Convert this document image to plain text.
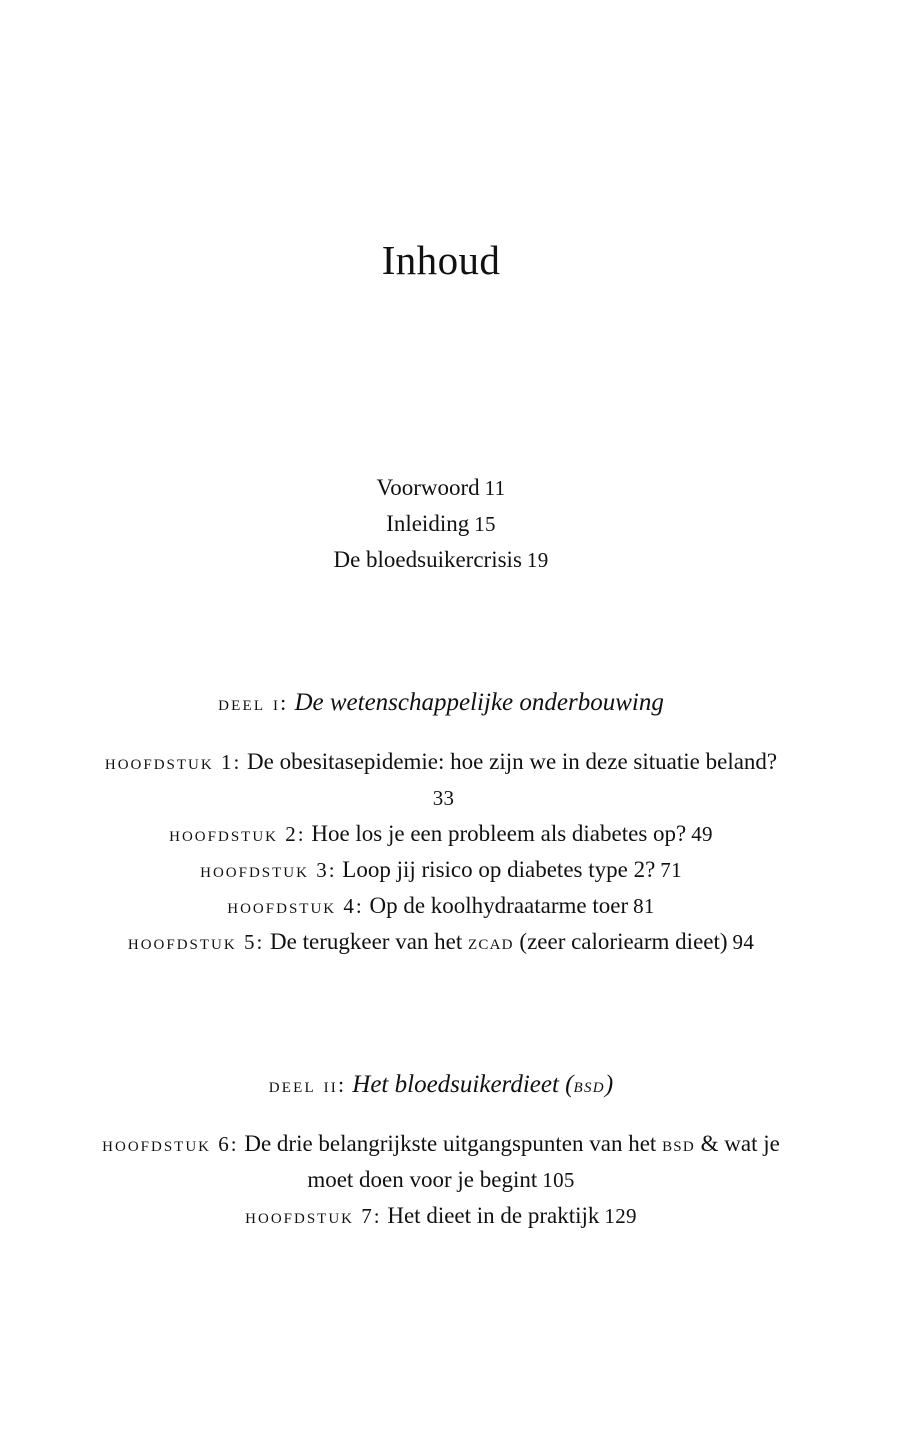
Inhoud
Voorwoord 11
Inleiding 15
De bloedsuikercrisis 19
deel i: De wetenschappelijke onderbouwing

hoofdstuk 1: De obesitasepidemie: hoe zijn we in deze situatie beland?33

hoofdstuk 2: Hoe los je een probleem als diabetes op? 49

hoofdstuk 3: Loop jij risico op diabetes type 2? 71

hoofdstuk 4: Op de koolhydraatarme toer 81

hoofdstuk 5: De terugkeer van het zcad (zeer caloriearm dieet) 94

deel ii: Het bloedsuikerdieet (bsd)

hoofdstuk 6: De drie belangrijkste uitgangspunten van het bsd & wat je moet doen voor je begint 105

hoofdstuk 7: Het dieet in de praktijk 129
